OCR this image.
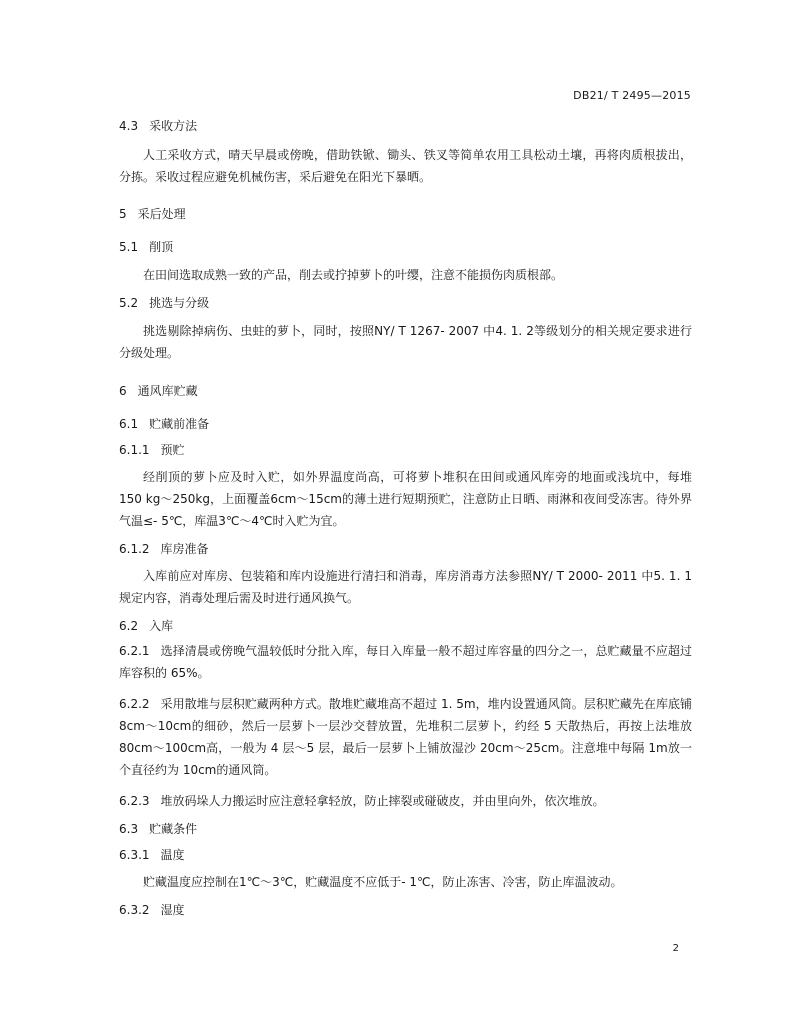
DB21/ T 2495—2015
4.3 采收方法

人工采收方式，晴天早晨或傍晚，借助铁锨、锄头、铁叉等简单农用工具松动土壤，再将肉质根拔出，分拣。采收过程应避免机械伤害，采后避免在阳光下暴晒。

5 采后处理
5.1 削顶

在田间选取成熟一致的产品，削去或拧掉萝卜的叶缨，注意不能损伤肉质根部。

5.2 挑选与分级

挑选剔除掉病伤、虫蛀的萝卜，同时，按照NY/ T 1267- 2007 中4. 1. 2等级划分的相关规定要求进行分级处理。

6 通风库贮藏
6.1 贮藏前准备
6.1.1 预贮

经削顶的萝卜应及时入贮，如外界温度尚高，可将萝卜堆积在田间或通风库旁的地面或浅坑中，每堆150 kg～250kg，上面覆盖6cm～15cm的薄土进行短期预贮，注意防止日晒、雨淋和夜间受冻害。待外界气温≤- 5℃，库温3℃～4℃时入贮为宜。

6.1.2 库房准备

入库前应对库房、包装箱和库内设施进行清扫和消毒，库房消毒方法参照NY/ T 2000- 2011 中5. 1. 1规定内容，消毒处理后需及时进行通风换气。

6.2 入库

6.2.1 选择清晨或傍晚气温较低时分批入库，每日入库量一般不超过库容量的四分之一，总贮藏量不应超过库容积的 65%。

6.2.2 采用散堆与层积贮藏两种方式。散堆贮藏堆高不超过 1. 5m，堆内设置通风筒。层积贮藏先在库底铺 8cm～10cm的细砂，然后一层萝卜一层沙交替放置，先堆积二层萝卜，约经 5 天散热后，再按上法堆放 80cm～100cm高，一般为 4 层～5 层，最后一层萝卜上铺放湿沙 20cm～25cm。注意堆中每隔 1m放一个直径约为 10cm的通风筒。

6.2.3 堆放码垛人力搬运时应注意轻拿轻放，防止摔裂或碰破皮，并由里向外，依次堆放。

6.3 贮藏条件
6.3.1 温度

贮藏温度应控制在1℃～3℃，贮藏温度不应低于- 1℃，防止冻害、冷害，防止库温波动。

6.3.2 湿度
2
